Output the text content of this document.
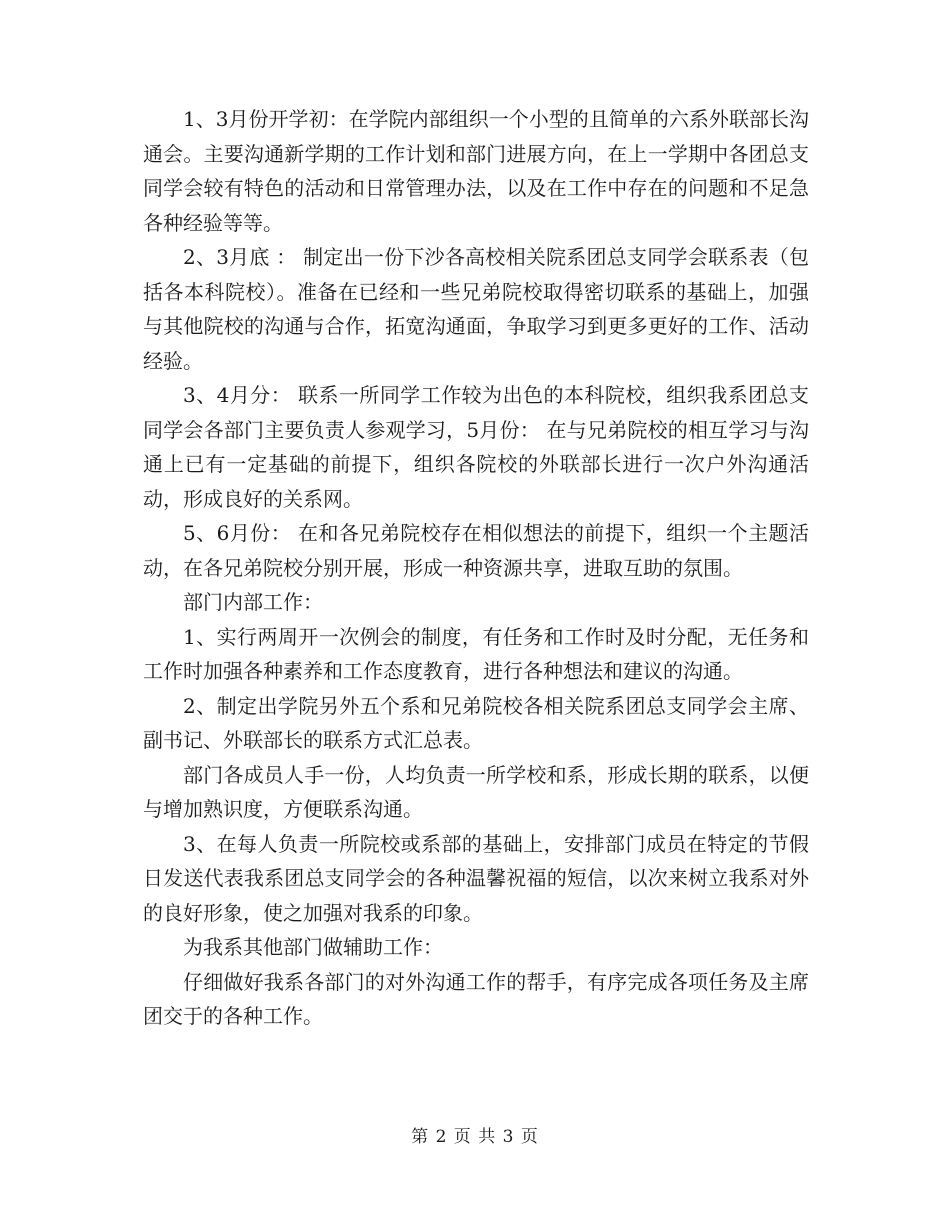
1、3月份开学初：在学院内部组织一个小型的且简单的六系外联部长沟通会。主要沟通新学期的工作计划和部门进展方向，在上一学期中各团总支同学会较有特色的活动和日常管理办法，以及在工作中存在的问题和不足急各种经验等等。

2、3月底 ： 制定出一份下沙各高校相关院系团总支同学会联系表（包括各本科院校）。准备在已经和一些兄弟院校取得密切联系的基础上，加强与其他院校的沟通与合作，拓宽沟通面，争取学习到更多更好的工作、活动经验。

3、4月分： 联系一所同学工作较为出色的本科院校，组织我系团总支同学会各部门主要负责人参观学习，5月份： 在与兄弟院校的相互学习与沟通上已有一定基础的前提下，组织各院校的外联部长进行一次户外沟通活动，形成良好的关系网。

5、6月份： 在和各兄弟院校存在相似想法的前提下，组织一个主题活动，在各兄弟院校分别开展，形成一种资源共享，进取互助的氛围。

部门内部工作：

1、实行两周开一次例会的制度，有任务和工作时及时分配，无任务和工作时加强各种素养和工作态度教育，进行各种想法和建议的沟通。

2、制定出学院另外五个系和兄弟院校各相关院系团总支同学会主席、副书记、外联部长的联系方式汇总表。

部门各成员人手一份，人均负责一所学校和系，形成长期的联系，以便与增加熟识度，方便联系沟通。

3、在每人负责一所院校或系部的基础上，安排部门成员在特定的节假日发送代表我系团总支同学会的各种温馨祝福的短信，以次来树立我系对外的良好形象，使之加强对我系的印象。

为我系其他部门做辅助工作：

仔细做好我系各部门的对外沟通工作的帮手，有序完成各项任务及主席团交于的各种工作。

第 2 页 共 3 页
